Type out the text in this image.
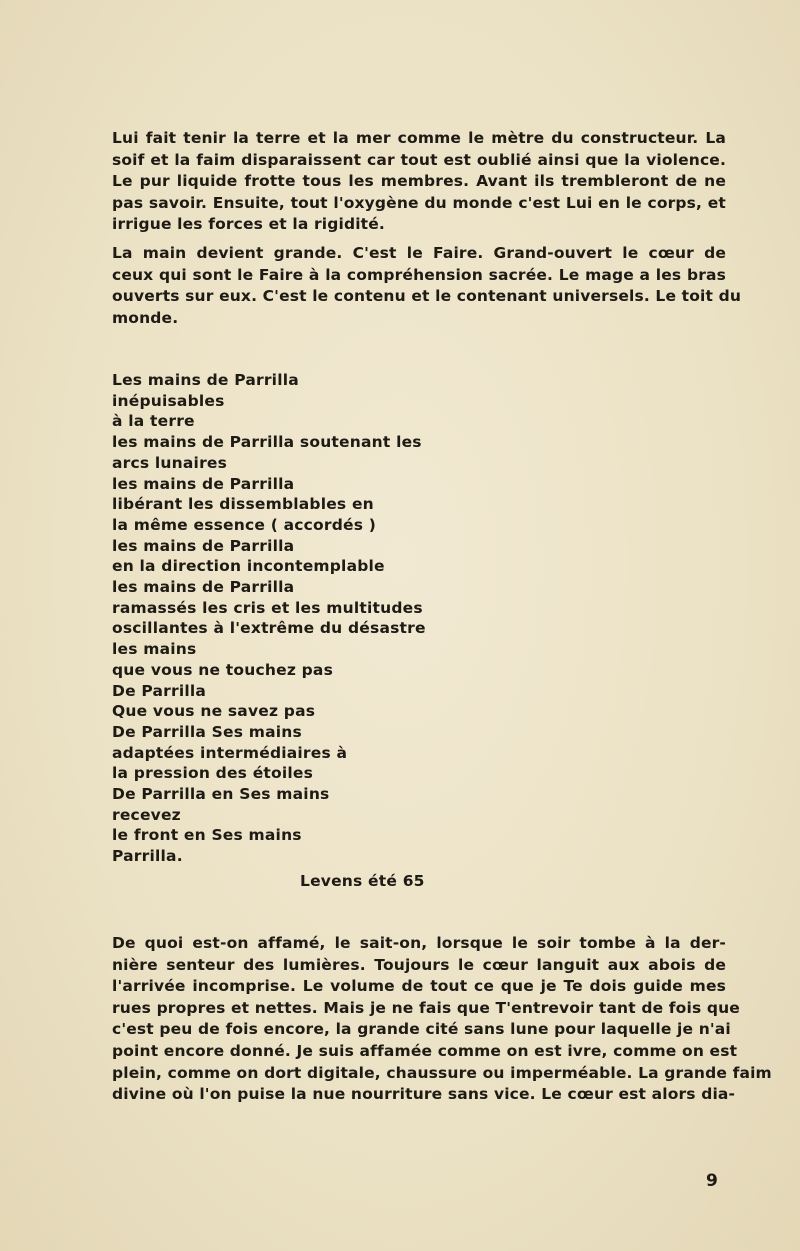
Lui fait tenir la terre et la mer comme le mètre du constructeur. La
soif et la faim disparaissent car tout est oublié ainsi que la violence.
Le pur liquide frotte tous les membres. Avant ils trembleront de ne
pas savoir. Ensuite, tout l'oxygène du monde c'est Lui en le corps, et
irrigue les forces et la rigidité.
La main devient grande. C'est le Faire. Grand-ouvert le cœur de
ceux qui sont le Faire à la compréhension sacrée. Le mage a les bras
ouverts sur eux. C'est le contenu et le contenant universels. Le toit du
monde.
Les mains de Parrilla
inépuisables
à la terre
les mains de Parrilla soutenant les
arcs lunaires
les mains de Parrilla
libérant les dissemblables en
la même essence ( accordés )
les mains de Parrilla
en la direction incontemplable
les mains de Parrilla
ramassés les cris et les multitudes
oscillantes à l'extrême du désastre
les mains
que vous ne touchez pas
De Parrilla
Que vous ne savez pas
De Parrilla Ses mains
adaptées intermédiaires à
la pression des étoiles
De Parrilla en Ses mains
recevez
le front en Ses mains
Parrilla.
Levens été 65
De quoi est-on affamé, le sait-on, lorsque le soir tombe à la der-
nière senteur des lumières. Toujours le cœur languit aux abois de
l'arrivée incomprise. Le volume de tout ce que je Te dois guide mes
rues propres et nettes. Mais je ne fais que T'entrevoir tant de fois que
c'est peu de fois encore, la grande cité sans lune pour laquelle je n'ai
point encore donné. Je suis affamée comme on est ivre, comme on est
plein, comme on dort digitale, chaussure ou imperméable. La grande faim
divine où l'on puise la nue nourriture sans vice. Le cœur est alors dia-
9
